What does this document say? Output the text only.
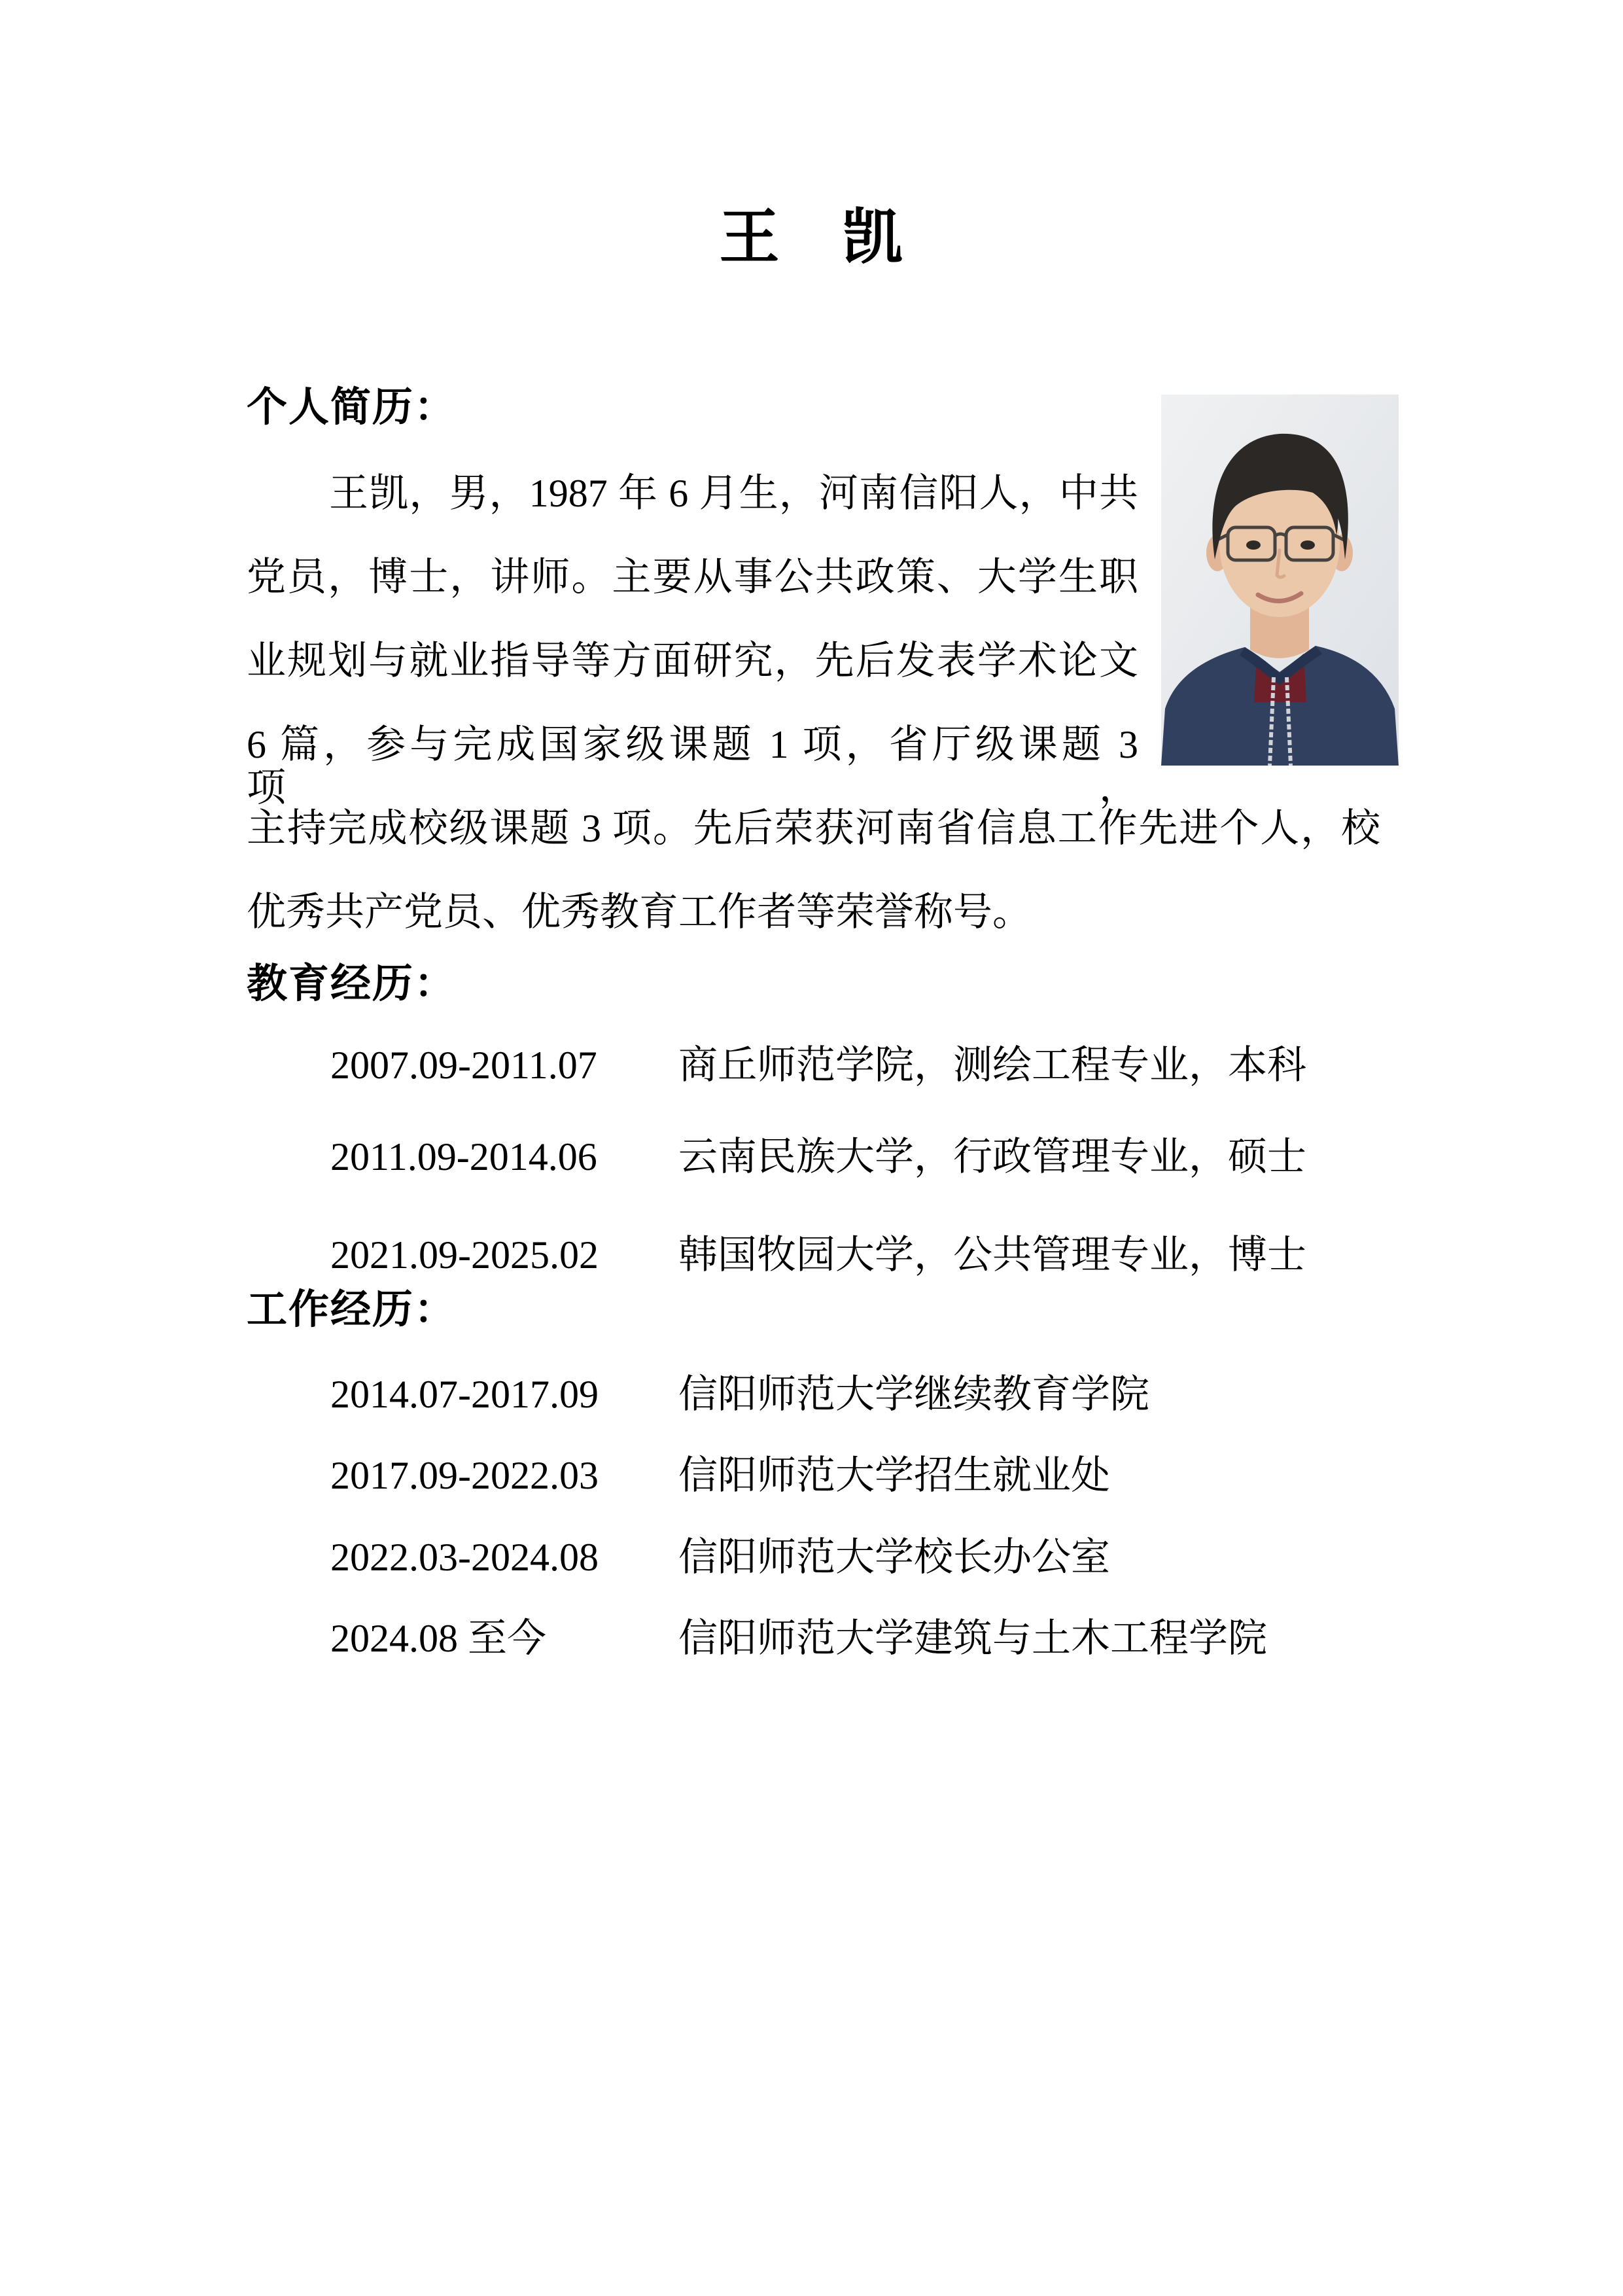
王　凯
个人简历：
王凯，男，1987 年 6 月生，河南信阳人，中共
党员，博士，讲师。主要从事公共政策、大学生职
业规划与就业指导等方面研究，先后发表学术论文
6 篇，参与完成国家级课题 1 项，省厅级课题 3 项，
主持完成校级课题 3 项。先后荣获河南省信息工作先进个人，校
优秀共产党员、优秀教育工作者等荣誉称号。
教育经历：
2007.09-2011.07 商丘师范学院，测绘工程专业，本科
2011.09-2014.06 云南民族大学，行政管理专业，硕士
2021.09-2025.02 韩国牧园大学，公共管理专业，博士
工作经历：
2014.07-2017.09 信阳师范大学继续教育学院
2017.09-2022.03 信阳师范大学招生就业处
2022.03-2024.08 信阳师范大学校长办公室
2024.08 至今	信阳师范大学建筑与土木工程学院
